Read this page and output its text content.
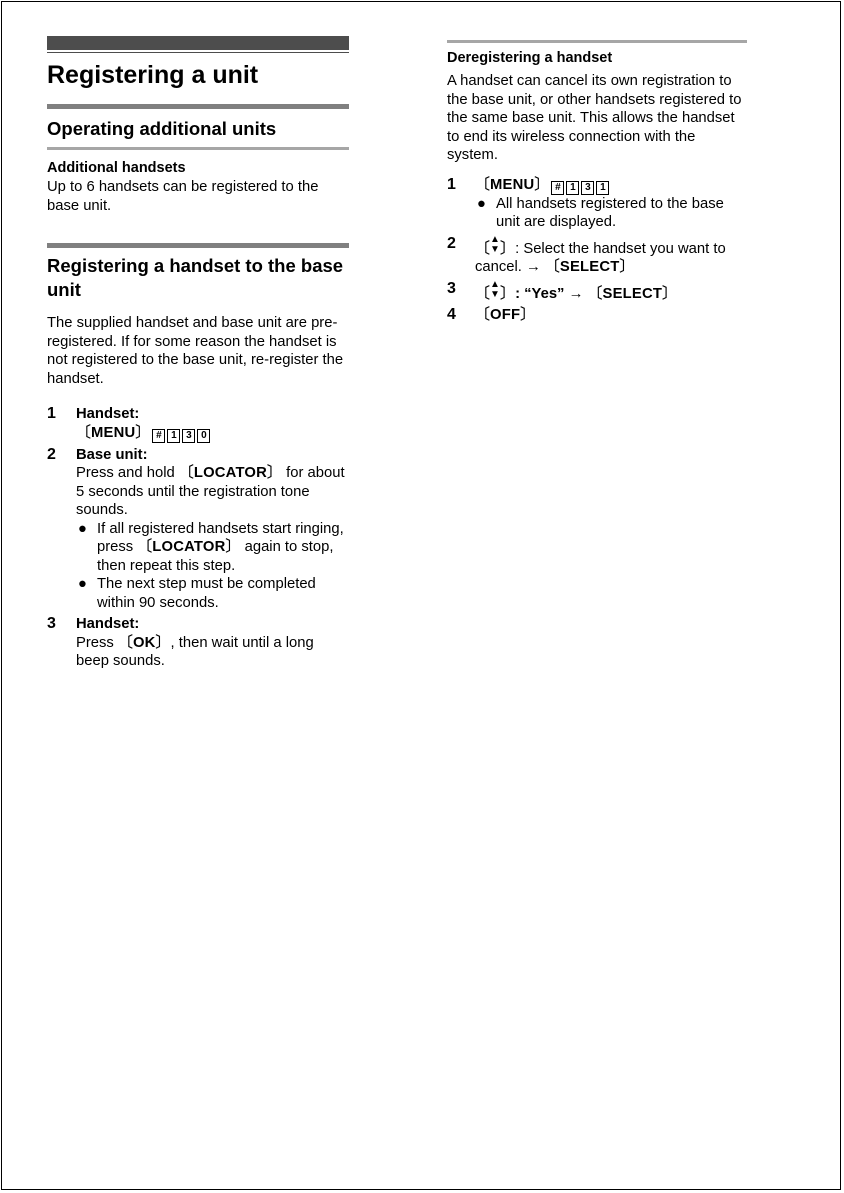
Registering a unit
Operating additional units
Additional handsets

Up to 6 handsets can be registered to the base unit.

Registering a handset to the base unit

The supplied handset and base unit are pre-registered. If for some reason the handset is not registered to the base unit, re-register the handset.

1	Handset:
〔MENU〕 # 1 3 0
2	Base unit:
Press and hold 〔LOCATOR〕 for about 5 seconds until the registration tone sounds.
● If all registered handsets start ringing, press 〔LOCATOR〕 again to stop, then repeat this step.
● The next step must be completed within 90 seconds.
3	Handset:
Press 〔OK〕, then wait until a long beep sounds.
Deregistering a handset

A handset can cancel its own registration to the base unit, or other handsets registered to the same base unit. This allows the handset to end its wireless connection with the system.

1	〔MENU〕 # 1 3 1
● All handsets registered to the base unit are displayed.
2	〔▲
▼〕: Select the handset you want to cancel. → 〔SELECT〕
3	〔▲
▼〕: “Yes” → 〔SELECT〕
4	〔OFF〕
